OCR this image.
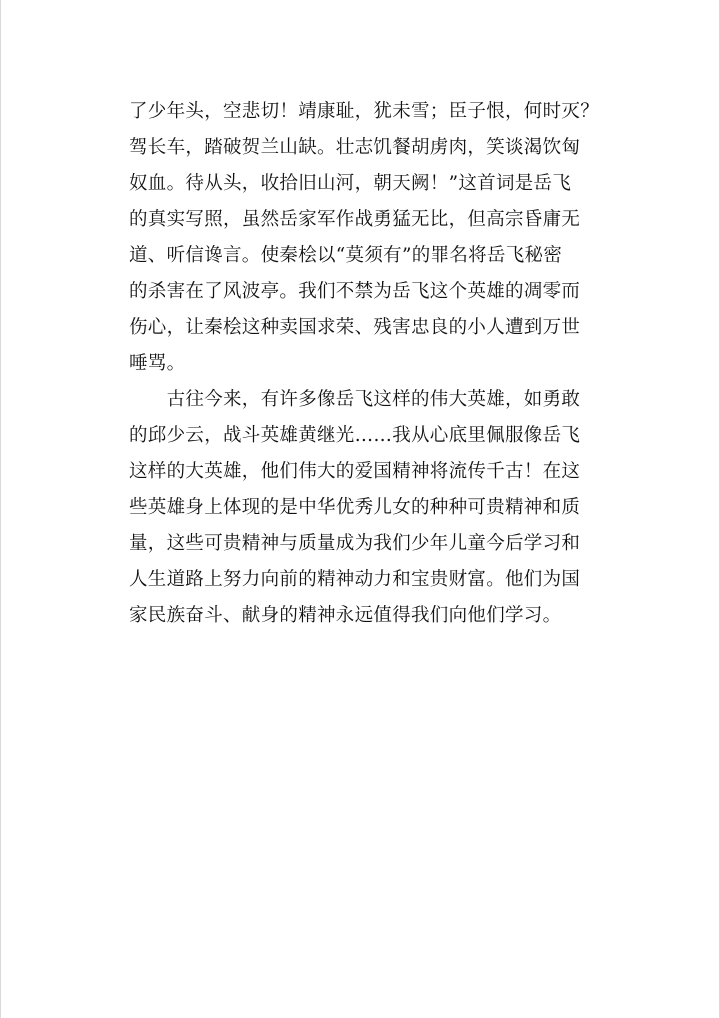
了少年头，空悲切！靖康耻，犹未雪；臣子恨，何时灭？
驾长车，踏破贺兰山缺。壮志饥餐胡虏肉，笑谈渴饮匈
奴血。待从头，收拾旧山河，朝天阙！”这首词是岳飞
的真实写照，虽然岳家军作战勇猛无比，但高宗昏庸无
道、听信谗言。使秦桧以“莫须有”的罪名将岳飞秘密
的杀害在了风波亭。我们不禁为岳飞这个英雄的凋零而
伤心，让秦桧这种卖国求荣、残害忠良的小人遭到万世
唾骂。
　　古往今来，有许多像岳飞这样的伟大英雄，如勇敢
的邱少云，战斗英雄黄继光……我从心底里佩服像岳飞
这样的大英雄，他们伟大的爱国精神将流传千古！在这
些英雄身上体现的是中华优秀儿女的种种可贵精神和质
量，这些可贵精神与质量成为我们少年儿童今后学习和
人生道路上努力向前的精神动力和宝贵财富。他们为国
家民族奋斗、献身的精神永远值得我们向他们学习。
